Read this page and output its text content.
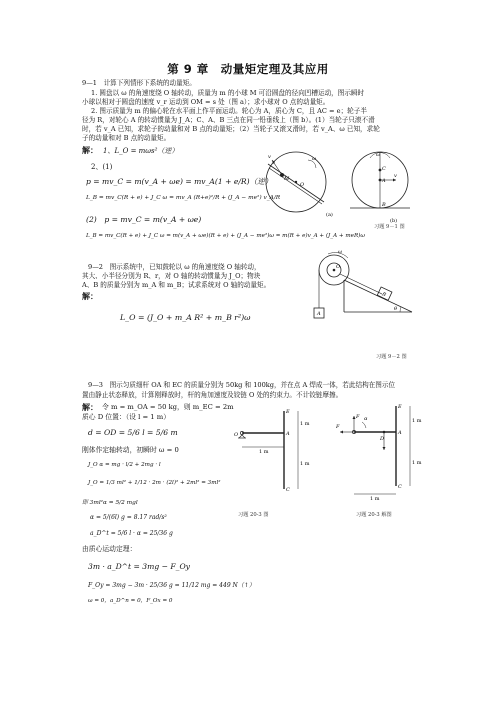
第 9 章　动量矩定理及其应用
9—1　计算下列情形下系统的动量矩。
1. 圆盘以 ω 的角速度绕 O 轴转动，质量为 m 的小球 M 可沿圆盘的径向凹槽运动，图示瞬时
小球以相对于圆盘的速度 v_r 运动到 OM = s 处（图 a）；求小球对 O 点的动量矩。
2. 图示质量为 m 的偏心轮在水平面上作平面运动。轮心为 A，质心为 C，且 AC = e；轮子半
径为 R，对轮心 A 的转动惯量为 J_A；C、A、B 三点在同一铅垂线上（图 b）。(1）当轮子只滚不滑
时，若 v_A 已知，求轮子的动量和对 B 点的动量矩；（2）当轮子又滚又滑时，若 v_A、ω 已知，求轮
子的动量和对 B 点的动量矩。
解： 1、L_O = mωs²（逆）
2、(1)
p = mv_C = m(v_A + ωe) = mv_A(1 + e/R)（逆）
L_B = mv_C(R + e) + J_C ω = mv_A (R+e)²/R + (J_A − me²) v_A/R
(2)　p = mv_C = m(v_A + ωe)
L_B = mv_C(R + e) + J_C ω = m(v_A + ωe)(R + e) + (J_A − me²)ω = m(R + e)v_A + (J_A + meR)ω
v	ω
O
M
(a)
A
C
B
v
ω
(b)
习题 9－1 图
9—2　图示系统中，已知鼓轮以 ω 的角速度绕 O 轴转动，
其大、小半径分别为 R、r，对 O 轴的转动惯量为 J_O；物块
A、B 的质量分别为 m_A 和 m_B；试求系统对 O 轴的动量矩。
解：
L_O = (J_O + m_A R² + m_B r²)ω
O
ω
A
B
θ
习题 9－2 图
9—3　图示匀质细杆 OA 和 EC 的质量分别为 50kg 和 100kg，并在点 A 焊成一体，若此结构在图示位
置由静止状态释放，计算刚释放时，杆的角加速度及铰链 O 处的约束力。不计铰链摩擦。
解： 令 m = m_OA = 50 kg，则 m_EC = 2m
质心 D 位置：（设 l = 1 m）
d = OD = 5/6 l = 5/6 m
刚体作定轴转动，初瞬时 ω = 0
J_O α = mg · l/2 + 2mg · l
J_O = 1/3 ml² + 1/12 · 2m · (2l)² + 2ml² = 3ml²
即 3ml²α = 5/2 mgl
α = 5/(6l) g = 8.17 rad/s²
a_D^t = 5/6 l · α = 25/36 g
由质心运动定理：
3m · a_D^t = 3mg − F_Oy
F_Oy = 3mg − 3m · 25/36 g = 11/12 mg = 449 N（↑）
ω = 0，a_D^n = 0，F_Ox = 0
O
E
A
C
1 m
1 m
1 m
习题 20-3 图
F
F
α
D
E
A
C
1 m
1 m
1 m
习题 20-3 解图
